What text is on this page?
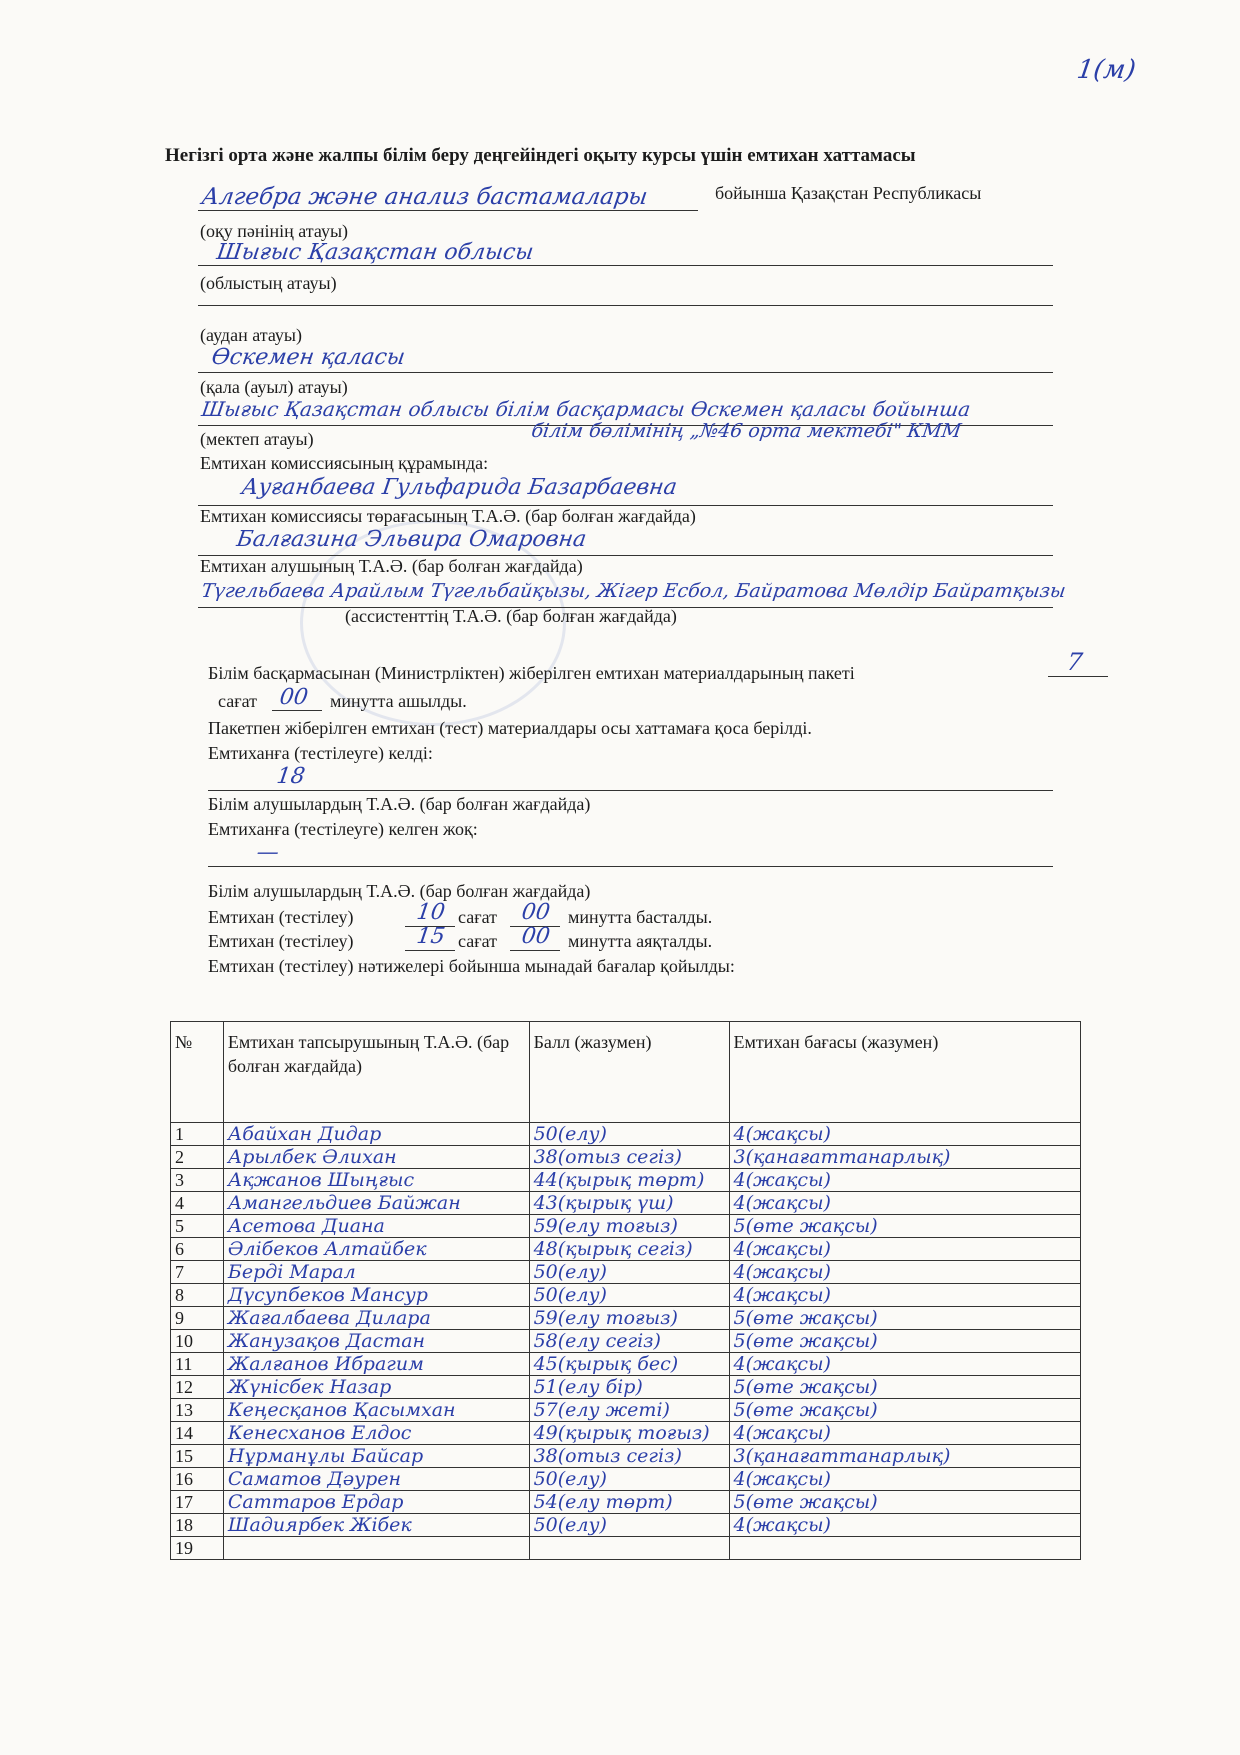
1(м)
Негізгі орта және жалпы білім беру деңгейіндегі оқыту курсы үшін емтихан хаттамасы
Алгебра және анализ бастамалары	бойынша Қазақстан Республикасы
(оқу пәнінің атауы)
Шығыс Қазақстан облысы
(облыстың атауы)
(аудан атауы)
Өскемен қаласы
(қала (ауыл) атауы)
Шығыс Қазақстан облысы білім басқармасы Өскемен қаласы бойынша
білім бөлімінің „№46 орта мектебі" КММ
(мектеп атауы)
Емтихан комиссиясының құрамында:
Ауғанбаева Гульфарида Базарбаевна
Емтихан комиссиясы төрағасының Т.А.Ә. (бар болған жағдайда)
Балғазина Эльвира Омаровна
Емтихан алушының Т.А.Ә. (бар болған жағдайда)
Түгельбаева Арайлым Түгельбайқызы, Жігер Есбол, Байратова Мөлдір Байратқызы
(ассистенттің Т.А.Ә. (бар болған жағдайда)
Білім басқармасынан (Министрліктен) жіберілген емтихан материалдарының пакеті	7
сағат 00 минутта ашылды.
Пакетпен жіберілген емтихан (тест) материалдары осы хаттамаға қоса берілді.
Емтиханға (тестілеуге) келді:
18
Білім алушылардың Т.А.Ә. (бар болған жағдайда)
Емтиханға (тестілеуге) келген жоқ:
—
Білім алушылардың Т.А.Ә. (бар болған жағдайда)
Емтихан (тестілеу)	10 сағат 00 минутта басталды.
Емтихан (тестілеу)	15 сағат 00 минутта аяқталды.
Емтихан (тестілеу) нәтижелері бойынша мынадай бағалар қойылды:
№	Емтихан тапсырушының Т.А.Ә. (бар болған жағдайда)	Балл (жазумен)	Емтихан бағасы (жазумен)
1	Абайхан Дидар	50(елу)	4(жақсы)
2	Арылбек Әлихан	38(отыз сегіз)	3(қанағаттанарлық)
3	Ақжанов Шыңғыс	44(қырық төрт)	4(жақсы)
4	Амангельдиев Байжан	43(қырық үш)	4(жақсы)
5	Асетова Диана	59(елу тоғыз)	5(өте жақсы)
6	Әлібеков Алтайбек	48(қырық сегіз)	4(жақсы)
7	Берді Марал	50(елу)	4(жақсы)
8	Дүсупбеков Мансур	50(елу)	4(жақсы)
9	Жағалбаева Дилара	59(елу тоғыз)	5(өте жақсы)
10	Жанузақов Дастан	58(елу сегіз)	5(өте жақсы)
11	Жалғанов Ибрагим	45(қырық бес)	4(жақсы)
12	Жүнісбек Назар	51(елу бір)	5(өте жақсы)
13	Кеңесқанов Қасымхан	57(елу жеті)	5(өте жақсы)
14	Кенесханов Елдос	49(қырық тоғыз)	4(жақсы)
15	Нұрманұлы Байсар	38(отыз сегіз)	3(қанағаттанарлық)
16	Саматов Дәурен	50(елу)	4(жақсы)
17	Саттаров Ердар	54(елу төрт)	5(өте жақсы)
18	Шадиярбек Жібек	50(елу)	4(жақсы)
19			
